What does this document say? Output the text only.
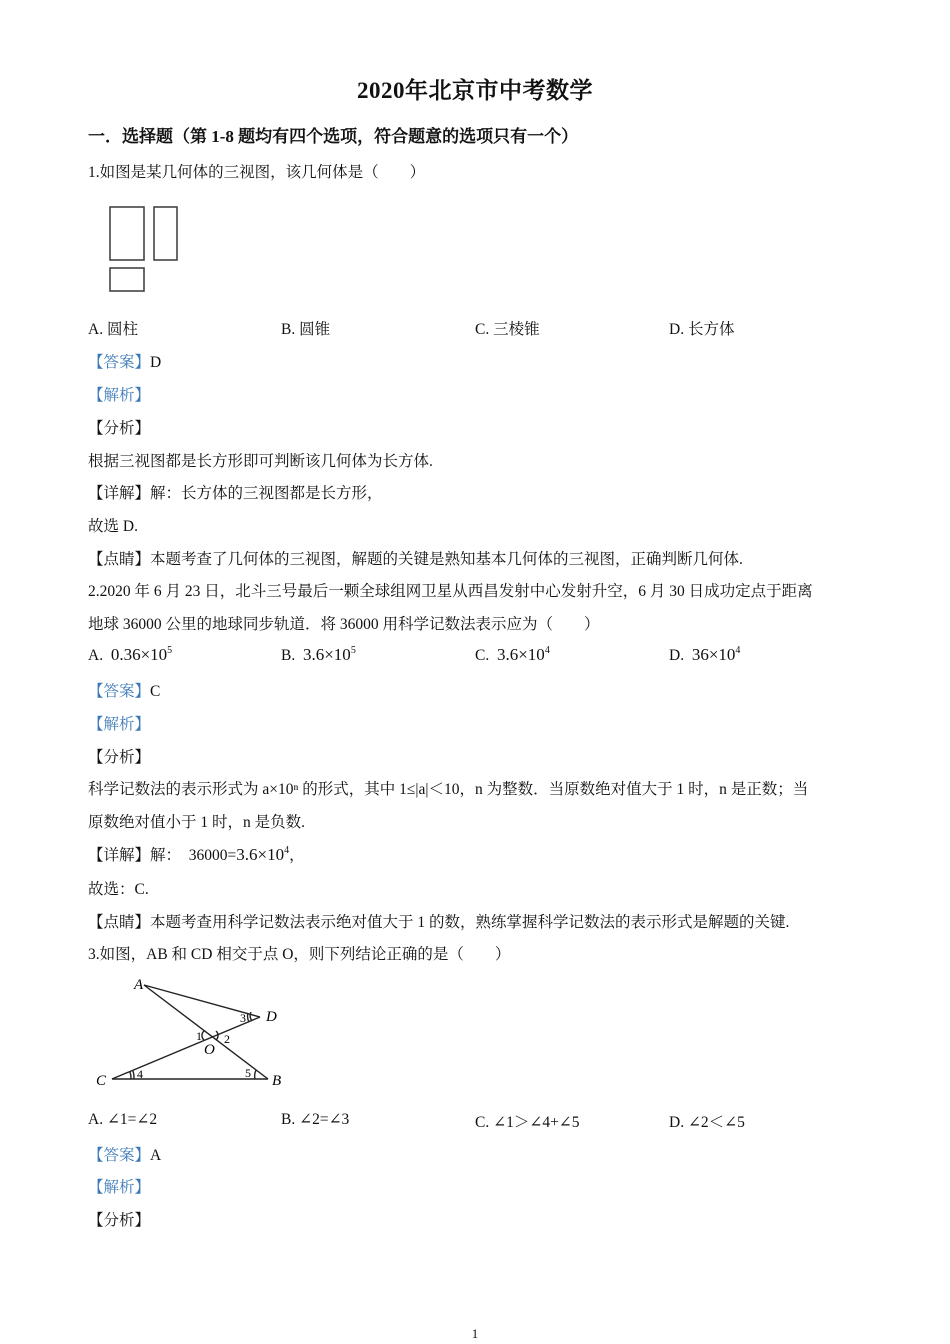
2020年北京市中考数学
一．选择题（第 1-8 题均有四个选项，符合题意的选项只有一个）
1.如图是某几何体的三视图，该几何体是（　　）
A. 圆柱	B. 圆锥	C. 三棱锥	D. 长方体
【答案】D
【解析】
【分析】
根据三视图都是长方形即可判断该几何体为长方体.
【详解】解：长方体的三视图都是长方形，
故选 D.
【点睛】本题考查了几何体的三视图，解题的关键是熟知基本几何体的三视图，正确判断几何体.
2.2020 年 6 月 23 日，北斗三号最后一颗全球组网卫星从西昌发射中心发射升空，6 月 30 日成功定点于距离
地球 36000 公里的地球同步轨道．将 36000 用科学记数法表示应为（　　）
A. $0.36\times 10^5$	B. $3.6\times 10^5$	C. $3.6\times 10^4$	D. $36\times 10^4$
【答案】C
【解析】
【分析】
科学记数法的表示形式为 a×10ⁿ 的形式，其中 1≤|a|＜10，n 为整数．当原数绝对值大于 1 时，n 是正数；当
原数绝对值小于 1 时，n 是负数.
【详解】解：　$36000=3.6\times 10^4$，
故选：C.
【点睛】本题考查用科学记数法表示绝对值大于 1 的数，熟练掌握科学记数法的表示形式是解题的关键.
3.如图，AB 和 CD 相交于点 O，则下列结论正确的是（　　）
A
D
C	B
O
1 2
3
4	5
A. ∠1=∠2	B. ∠2=∠3	C. ∠1＞∠4+∠5	D. ∠2＜∠5
【答案】A
【解析】
【分析】
1
